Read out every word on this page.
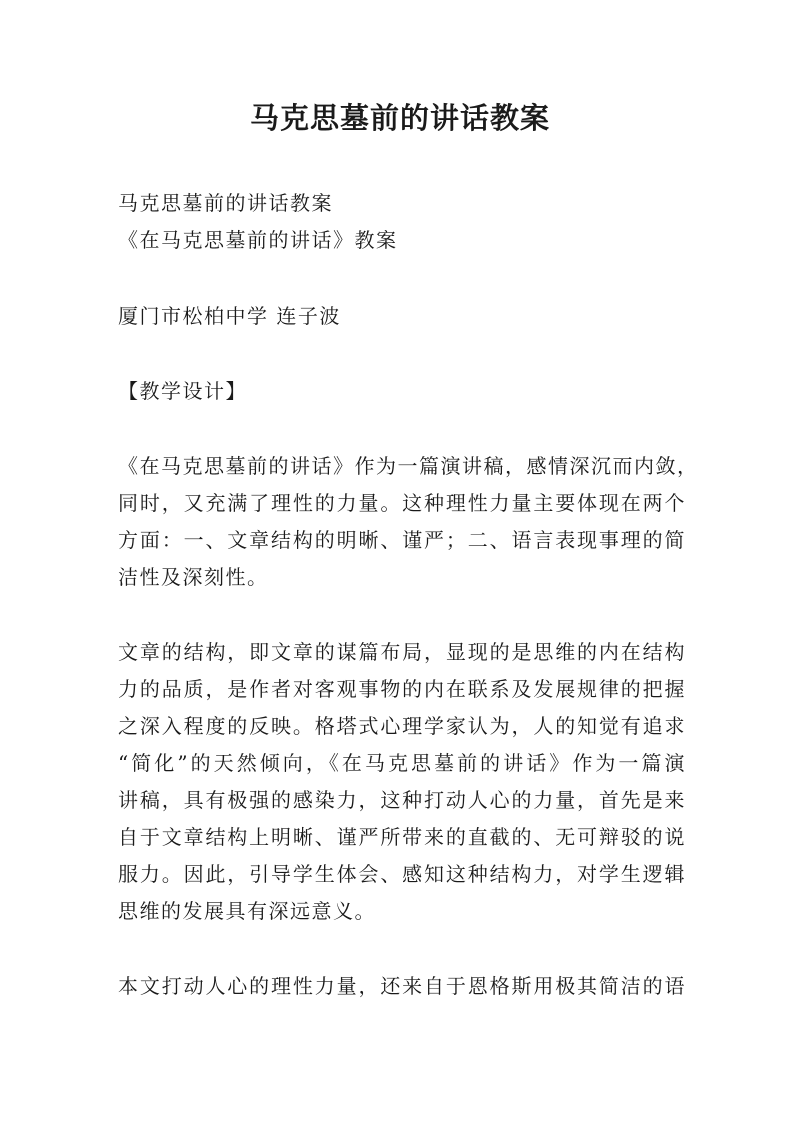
马克思墓前的讲话教案
马克思墓前的讲话教案
《在马克思墓前的讲话》教案
厦门市松柏中学 连子波
【教学设计】
《在马克思墓前的讲话》作为一篇演讲稿，感情深沉而内敛，
同时，又充满了理性的力量。这种理性力量主要体现在两个
方面：一、文章结构的明晰、谨严；二、语言表现事理的简
洁性及深刻性。
文章的结构，即文章的谋篇布局，显现的是思维的内在结构
力的品质，是作者对客观事物的内在联系及发展规律的把握
之深入程度的反映。格塔式心理学家认为，人的知觉有追求
“简化”的天然倾向，《在马克思墓前的讲话》作为一篇演
讲稿，具有极强的感染力，这种打动人心的力量，首先是来
自于文章结构上明晰、谨严所带来的直截的、无可辩驳的说
服力。因此，引导学生体会、感知这种结构力，对学生逻辑
思维的发展具有深远意义。
本文打动人心的理性力量，还来自于恩格斯用极其简洁的语
